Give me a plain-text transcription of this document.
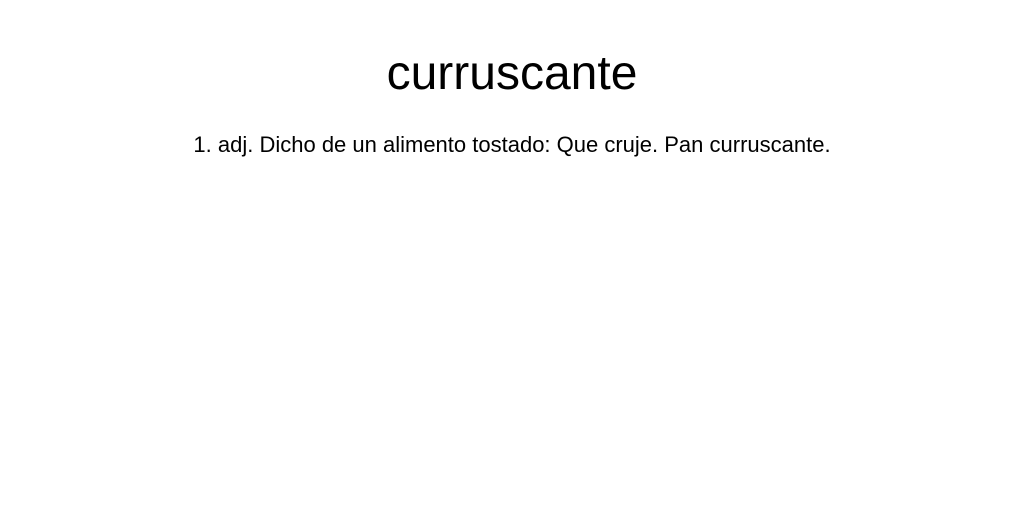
curruscante

1. adj. Dicho de un alimento tostado: Que cruje. Pan curruscante.
